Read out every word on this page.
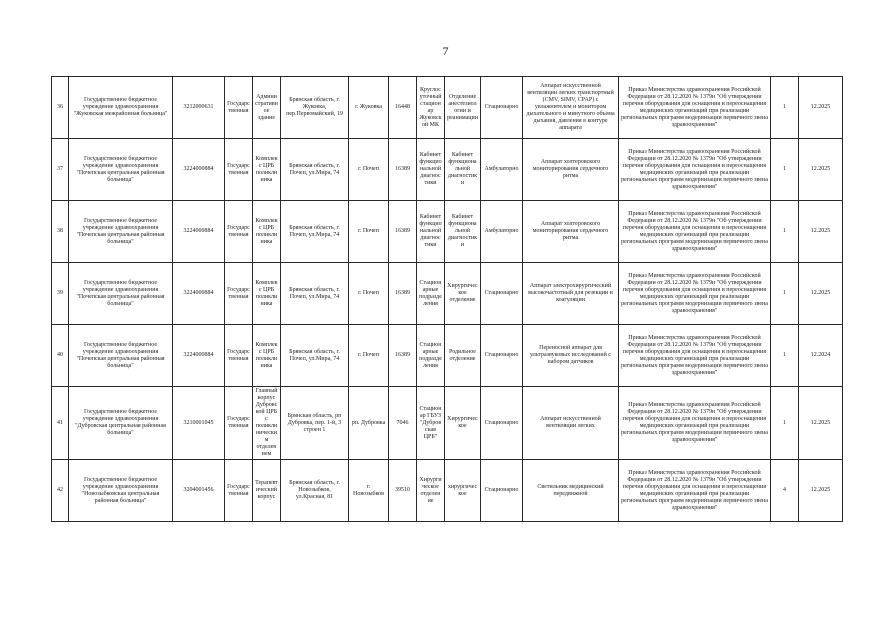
7
36	Государственное бюджетное учреждение здравоохранения "Жуковская межрайонная больница"	3212000631	Государственная	Административное здание	Брянская область, г. Жуковка, пер.Первомайский, 19	г. Жуковка	16448	Круглосуточный стационар Жуковской МК	Отделение анестезиологии и реанимации	Стационарно	Аппарат искусственной вентиляции легких транспортный (CMV, SIMV, CPAP) с увлажнителем и монитором дыхательного и минутного объема дыхания, давления в контуре аппарата	Приказ Министерства здравоохранения Российской Федерации от 28.12.2020 № 1379н "Об утверждении перечня оборудования для оснащения и переоснащения медицинских организаций при реализации региональных программ модернизации первичного звена здравоохранения"	1	12.2025

37	Государственное бюджетное учреждение здравоохранения "Почепская центральная районная больница"	3224000884	Государственная	Комплекс ЦРБ поликлиника	Брянская область, г. Почеп, ул.Мира, 74	г. Почеп	16389	Кабинет функциональной диагностики	Кабинет функциональной диагностики	Амбулаторно	Аппарат холтеровского мониторирования сердечного ритма	Приказ Министерства здравоохранения Российской Федерации от 28.12.2020 № 1379н "Об утверждении перечня оборудования для оснащения и переоснащения медицинских организаций при реализации региональных программ модернизации первичного звена здравоохранения"	1	12.2025

38	Государственное бюджетное учреждение здравоохранения "Почепская центральная районная больница"	3224000884	Государственная	Комплекс ЦРБ поликлиника	Брянская область, г. Почеп, ул.Мира, 74	г. Почеп	16389	Кабинет функциональной диагностики	Кабинет функциональной диагностики	Амбулаторно	Аппарат холтеровского мониторирования сердечного ритма	Приказ Министерства здравоохранения Российской Федерации от 28.12.2020 № 1379н "Об утверждении перечня оборудования для оснащения и переоснащения медицинских организаций при реализации региональных программ модернизации первичного звена здравоохранения"	1	12.2025

39	Государственное бюджетное учреждение здравоохранения "Почепская центральная районная больница"	3224000884	Государственная	Комплекс ЦРБ поликлиника	Брянская область, г. Почеп, ул.Мира, 74	г. Почеп	16389	Стационарные подразделения	Хирургическое отделение	Стационарно	Аппарат электрохирургический высокочастотный для резекции и коагуляции	Приказ Министерства здравоохранения Российской Федерации от 28.12.2020 № 1379н "Об утверждении перечня оборудования для оснащения и переоснащения медицинских организаций при реализации региональных программ модернизации первичного звена здравоохранения"	1	12.2025

40	Государственное бюджетное учреждение здравоохранения "Почепская центральная районная больница"	3224000884	Государственная	Комплекс ЦРБ поликлиника	Брянская область, г. Почеп, ул.Мира, 74	г. Почеп	16389	Стационарные подразделения	Родильное отделение	Стационарно	Переносной аппарат для ультразвуковых исследований с набором датчиков	Приказ Министерства здравоохранения Российской Федерации от 28.12.2020 № 1379н "Об утверждении перечня оборудования для оснащения и переоснащения медицинских организаций при реализации региональных программ модернизации первичного звена здравоохранения"	1	12.2024

41	Государственное бюджетное учреждение здравоохранения "Дубровская центральная районная больница"	3210001045	Государственная	Главный корпус Дубровской ЦРБ с поликлиническим отделением	Брянская область, рп Дубровка, пер. 1-й, 3 строен 1	рп. Дубровка	7046	Стационар ГБУЗ "Дубровская ЦРБ"	Хирургическое	Стационарно	Аппарат искусственной вентиляции легких	Приказ Министерства здравоохранения Российской Федерации от 28.12.2020 № 1379н "Об утверждении перечня оборудования для оснащения и переоснащения медицинских организаций при реализации региональных программ модернизации первичного звена здравоохранения"	1	12.2025

42	Государственное бюджетное учреждение здравоохранения "Новозыбковская центральная районная больница"	3204001456	Государственная	Терапевтический корпус	Брянская область, г. Новозыбков, ул.Красная, 81	г. Новозыбков	39510	Хирургическое отделение	хирургическое	Стационарно	Светильник медицинский передвижной	Приказ Министерства здравоохранения Российской Федерации от 28.12.2020 № 1379н "Об утверждении перечня оборудования для оснащения и переоснащения медицинских организаций при реализации региональных программ модернизации первичного звена здравоохранения"	4	12.2025
